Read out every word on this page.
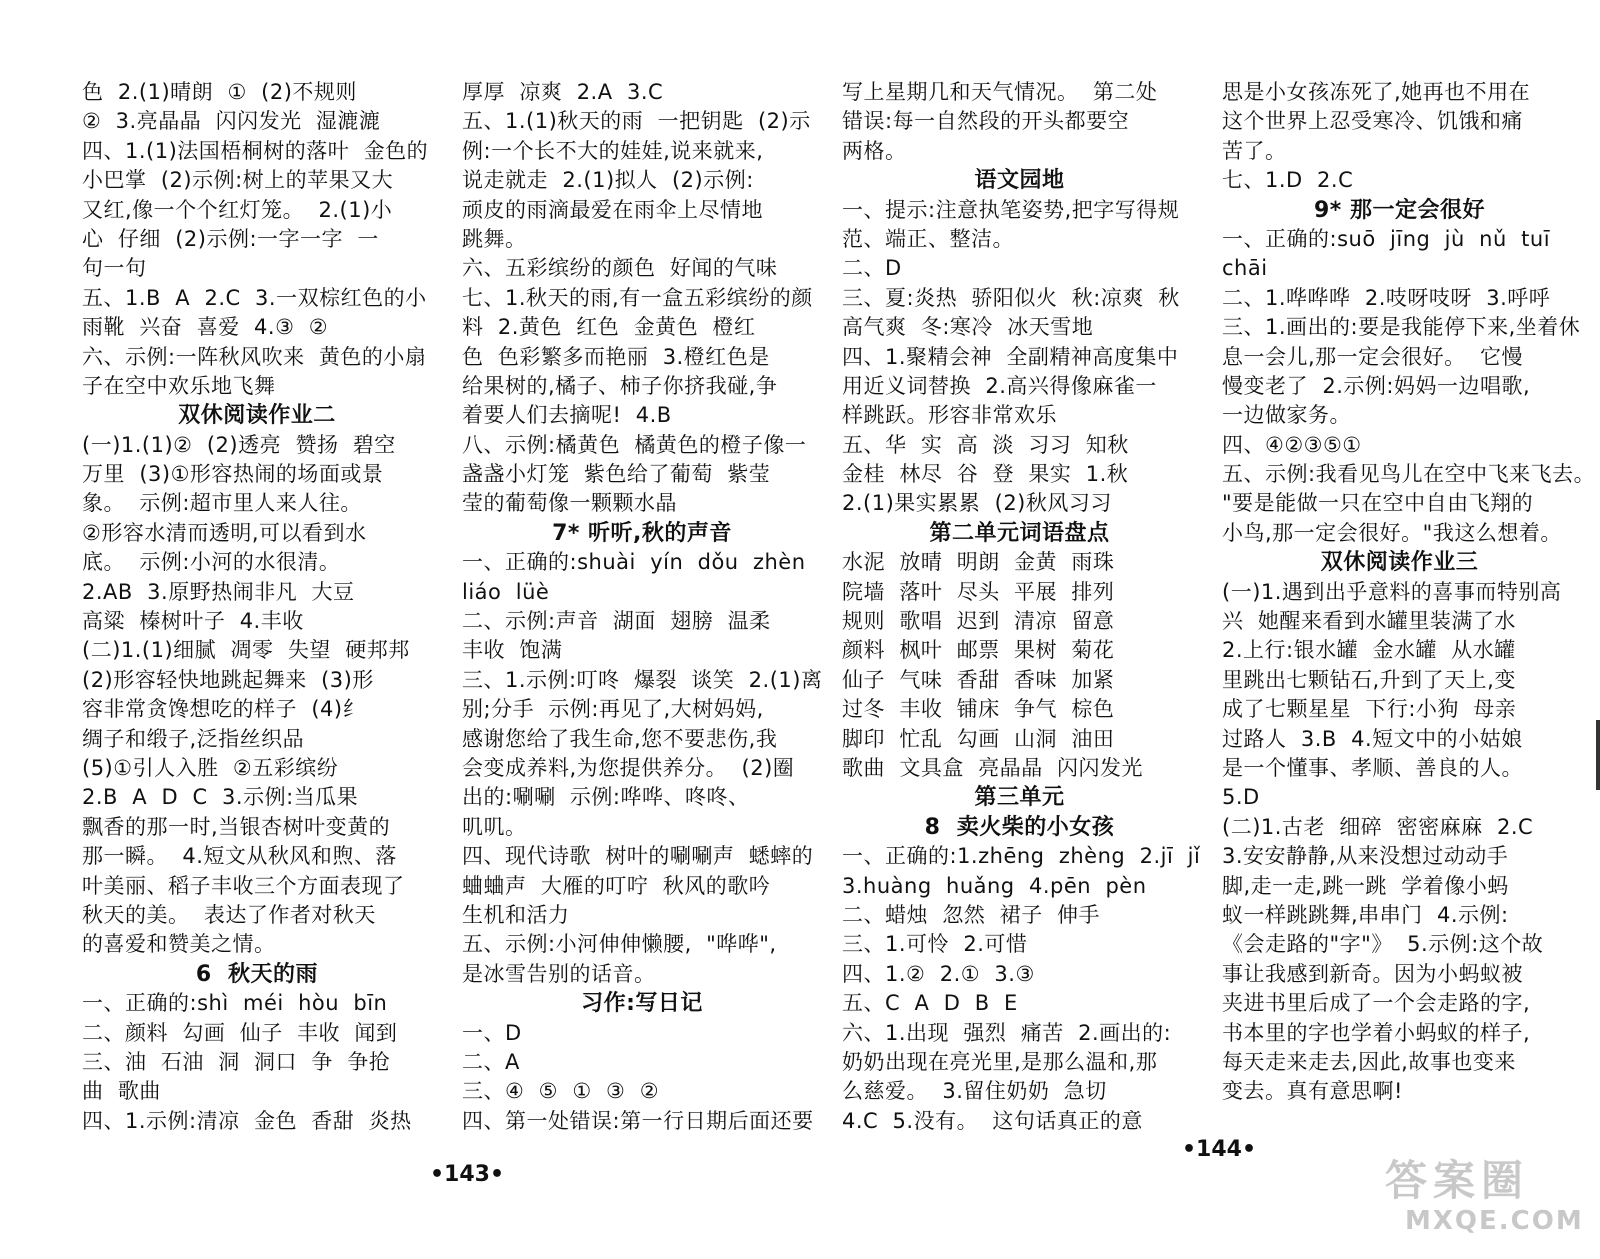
色  2.(1)晴朗  ①  (2)不规则
②  3.亮晶晶  闪闪发光  湿漉漉
四、1.(1)法国梧桐树的落叶  金色的
小巴掌  (2)示例:树上的苹果又大
又红,像一个个红灯笼。  2.(1)小
心  仔细  (2)示例:一字一字  一
句一句
五、1.B  A  2.C  3.一双棕红色的小
雨靴  兴奋  喜爱  4.③  ②
六、示例:一阵秋风吹来  黄色的小扇
子在空中欢乐地飞舞
双休阅读作业二
(一)1.(1)②  (2)透亮  赞扬  碧空
万里  (3)①形容热闹的场面或景
象。  示例:超市里人来人往。
②形容水清而透明,可以看到水
底。  示例:小河的水很清。
2.AB  3.原野热闹非凡  大豆
高粱  榛树叶子  4.丰收
(二)1.(1)细腻  凋零  失望  硬邦邦
(2)形容轻快地跳起舞来  (3)形
容非常贪馋想吃的样子  (4)纟
绸子和缎子,泛指丝织品
(5)①引人入胜  ②五彩缤纷
2.B  A  D  C  3.示例:当瓜果
飘香的那一时,当银杏树叶变黄的
那一瞬。  4.短文从秋风和煦、落
叶美丽、稻子丰收三个方面表现了
秋天的美。  表达了作者对秋天
的喜爱和赞美之情。
6  秋天的雨
一、正确的:shì  méi  hòu  bīn
二、颜料  勾画  仙子  丰收  闻到
三、油  石油  洞  洞口  争  争抢
曲  歌曲
四、1.示例:清凉  金色  香甜  炎热
厚厚  凉爽  2.A  3.C
五、1.(1)秋天的雨  一把钥匙  (2)示
例:一个长不大的娃娃,说来就来,
说走就走  2.(1)拟人  (2)示例:
顽皮的雨滴最爱在雨伞上尽情地
跳舞。
六、五彩缤纷的颜色  好闻的气味
七、1.秋天的雨,有一盒五彩缤纷的颜
料  2.黄色  红色  金黄色  橙红
色  色彩繁多而艳丽  3.橙红色是
给果树的,橘子、柿子你挤我碰,争
着要人们去摘呢!  4.B
八、示例:橘黄色  橘黄色的橙子像一
盏盏小灯笼  紫色给了葡萄  紫莹
莹的葡萄像一颗颗水晶
7* 听听,秋的声音
一、正确的:shuài  yín  dǒu  zhèn
liáo  lüè
二、示例:声音  湖面  翅膀  温柔
丰收  饱满
三、1.示例:叮咚  爆裂  谈笑  2.(1)离
别;分手  示例:再见了,大树妈妈,
感谢您给了我生命,您不要悲伤,我
会变成养料,为您提供养分。  (2)圈
出的:唰唰  示例:哗哗、咚咚、
叽叽。
四、现代诗歌  树叶的唰唰声  蟋蟀的
蛐蛐声  大雁的叮咛  秋风的歌吟
生机和活力
五、示例:小河伸伸懒腰,  "哗哗",
是冰雪告别的话音。
习作:写日记
一、D
二、A
三、④  ⑤  ①  ③  ②
四、第一处错误:第一行日期后面还要
写上星期几和天气情况。  第二处
错误:每一自然段的开头都要空
两格。
语文园地
一、提示:注意执笔姿势,把字写得规
范、端正、整洁。
二、D
三、夏:炎热  骄阳似火  秋:凉爽  秋
高气爽  冬:寒冷  冰天雪地
四、1.聚精会神  全副精神高度集中
用近义词替换  2.高兴得像麻雀一
样跳跃。形容非常欢乐
五、华  实  高  淡  习习  知秋
金桂  林尽  谷  登  果实  1.秋
2.(1)果实累累  (2)秋风习习
第二单元词语盘点
水泥  放晴  明朗  金黄  雨珠
院墙  落叶  尽头  平展  排列
规则  歌唱  迟到  清凉  留意
颜料  枫叶  邮票  果树  菊花
仙子  气味  香甜  香味  加紧
过冬  丰收  铺床  争气  棕色
脚印  忙乱  勾画  山洞  油田
歌曲  文具盒  亮晶晶  闪闪发光
第三单元
8  卖火柴的小女孩
一、正确的:1.zhēng  zhèng  2.jī  jǐ
3.huàng  huǎng  4.pēn  pèn
二、蜡烛  忽然  裙子  伸手
三、1.可怜  2.可惜
四、1.②  2.①  3.③
五、C  A  D  B  E
六、1.出现  强烈  痛苦  2.画出的:
奶奶出现在亮光里,是那么温和,那
么慈爱。  3.留住奶奶  急切
4.C  5.没有。  这句话真正的意
思是小女孩冻死了,她再也不用在
这个世界上忍受寒冷、饥饿和痛
苦了。
七、1.D  2.C
9* 那一定会很好
一、正确的:suō  jīng  jù  nǔ  tuī
chāi
二、1.哗哗哗  2.吱呀吱呀  3.呼呼
三、1.画出的:要是我能停下来,坐着休
息一会儿,那一定会很好。  它慢
慢变老了  2.示例:妈妈一边唱歌,
一边做家务。
四、④②③⑤①
五、示例:我看见鸟儿在空中飞来飞去。
"要是能做一只在空中自由飞翔的
小鸟,那一定会很好。"我这么想着。
双休阅读作业三
(一)1.遇到出乎意料的喜事而特别高
兴  她醒来看到水罐里装满了水
2.上行:银水罐  金水罐  从水罐
里跳出七颗钻石,升到了天上,变
成了七颗星星  下行:小狗  母亲
过路人  3.B  4.短文中的小姑娘
是一个懂事、孝顺、善良的人。
5.D
(二)1.古老  细碎  密密麻麻  2.C
3.安安静静,从来没想过动动手
脚,走一走,跳一跳  学着像小蚂
蚁一样跳跳舞,串串门  4.示例:
《会走路的"字"》  5.示例:这个故
事让我感到新奇。因为小蚂蚁被
夹进书里后成了一个会走路的字,
书本里的字也学着小蚂蚁的样子,
每天走来走去,因此,故事也变来
变去。真有意思啊!
•143•
•144•
答案圈
MXQE.COM
